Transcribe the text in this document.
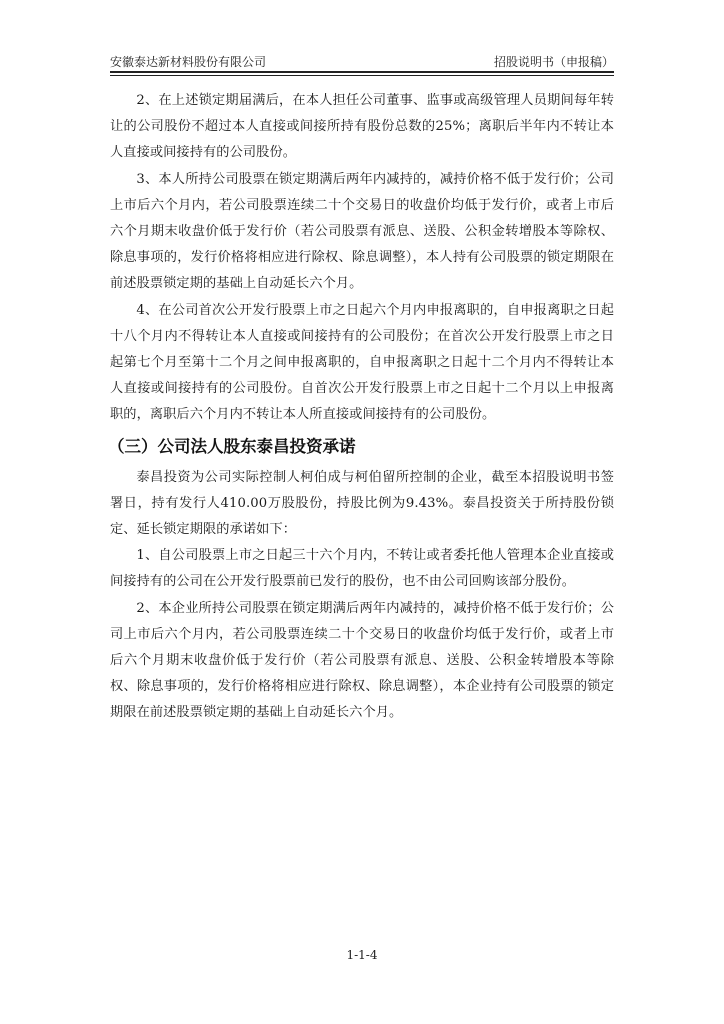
安徽泰达新材料股份有限公司	招股说明书（申报稿）

2、在上述锁定期届满后，在本人担任公司董事、监事或高级管理人员期间每年转让的公司股份不超过本人直接或间接所持有股份总数的25%；离职后半年内不转让本人直接或间接持有的公司股份。

3、本人所持公司股票在锁定期满后两年内减持的，减持价格不低于发行价；公司上市后六个月内，若公司股票连续二十个交易日的收盘价均低于发行价，或者上市后六个月期末收盘价低于发行价（若公司股票有派息、送股、公积金转增股本等除权、除息事项的，发行价格将相应进行除权、除息调整），本人持有公司股票的锁定期限在前述股票锁定期的基础上自动延长六个月。

4、在公司首次公开发行股票上市之日起六个月内申报离职的，自申报离职之日起十八个月内不得转让本人直接或间接持有的公司股份；在首次公开发行股票上市之日起第七个月至第十二个月之间申报离职的，自申报离职之日起十二个月内不得转让本人直接或间接持有的公司股份。自首次公开发行股票上市之日起十二个月以上申报离职的，离职后六个月内不转让本人所直接或间接持有的公司股份。

（三）公司法人股东泰昌投资承诺

泰昌投资为公司实际控制人柯伯成与柯伯留所控制的企业，截至本招股说明书签署日，持有发行人410.00万股股份，持股比例为9.43%。泰昌投资关于所持股份锁定、延长锁定期限的承诺如下：

1、自公司股票上市之日起三十六个月内，不转让或者委托他人管理本企业直接或间接持有的公司在公开发行股票前已发行的股份，也不由公司回购该部分股份。

2、本企业所持公司股票在锁定期满后两年内减持的，减持价格不低于发行价；公司上市后六个月内，若公司股票连续二十个交易日的收盘价均低于发行价，或者上市后六个月期末收盘价低于发行价（若公司股票有派息、送股、公积金转增股本等除权、除息事项的，发行价格将相应进行除权、除息调整），本企业持有公司股票的锁定期限在前述股票锁定期的基础上自动延长六个月。

1-1-4
